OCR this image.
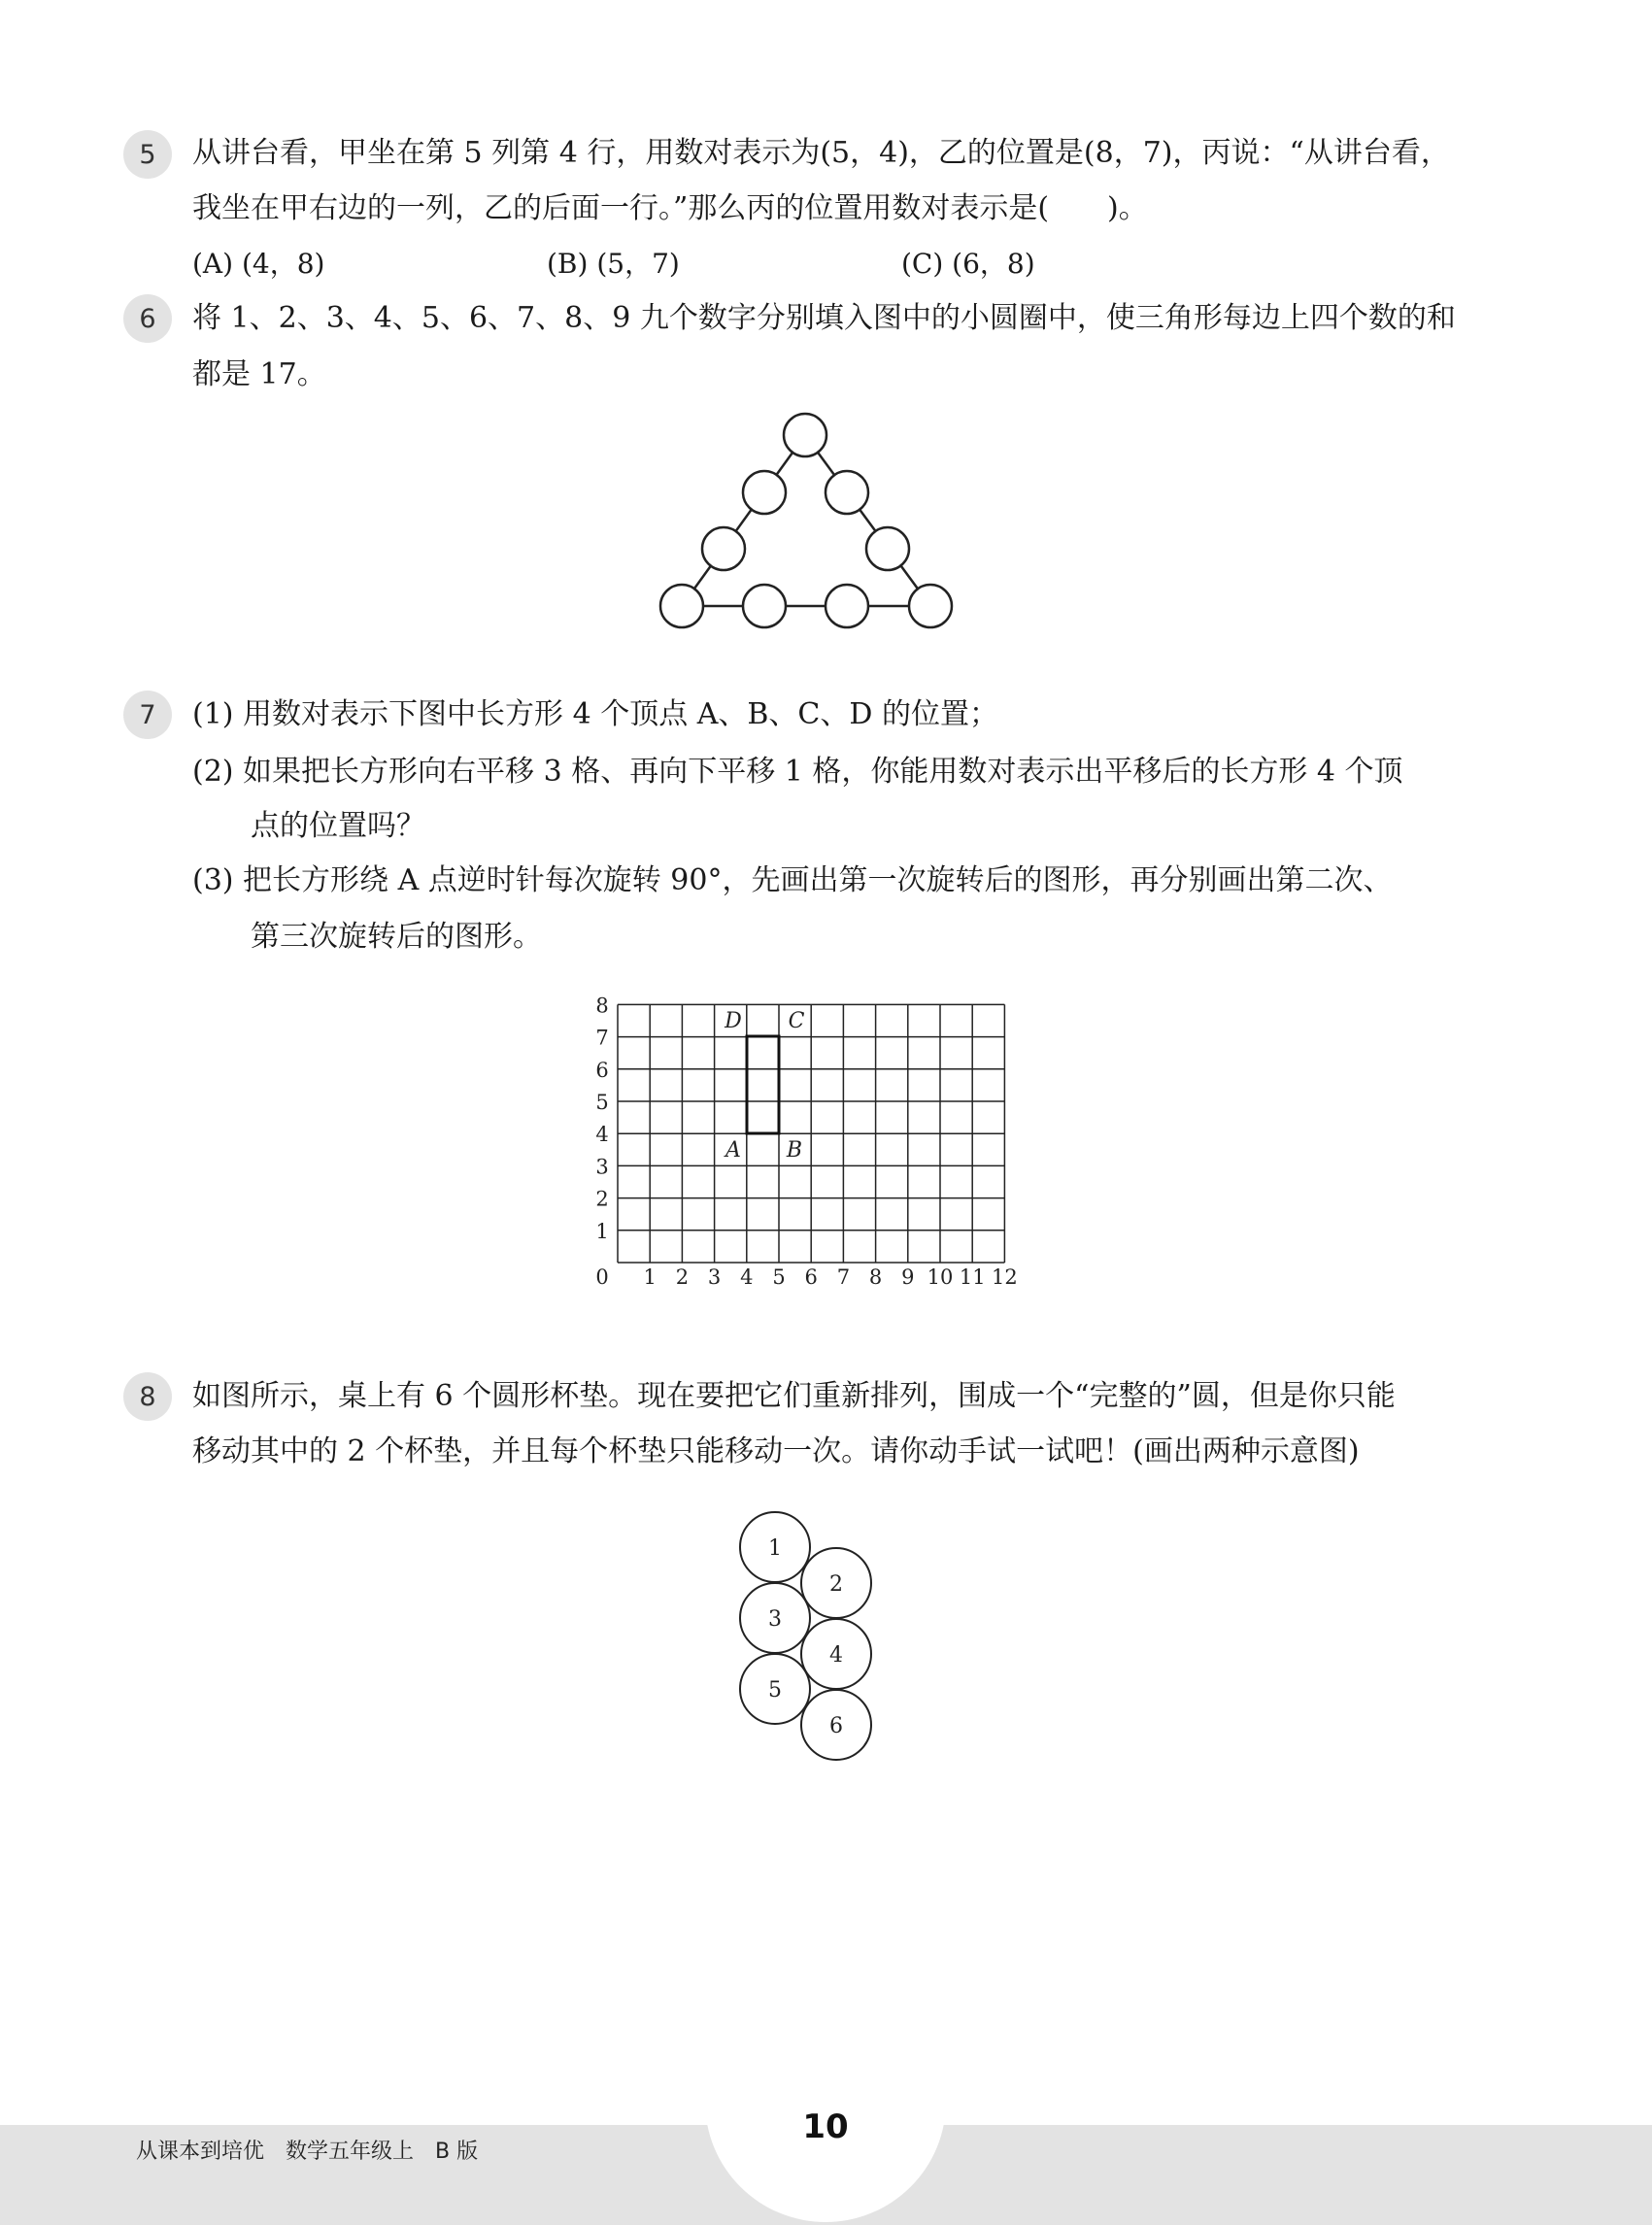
5	从讲台看，甲坐在第 5 列第 4 行，用数对表示为(5，4)，乙的位置是(8，7)，丙说：“从讲台看，
我坐在甲右边的一列，乙的后面一行。”那么丙的位置用数对表示是(　　)。
(A) (4，8)	(B) (5，7)	(C) (6，8)
6	将 1、2、3、4、5、6、7、8、9 九个数字分别填入图中的小圆圈中，使三角形每边上四个数的和
都是 17。
7	(1) 用数对表示下图中长方形 4 个顶点 A、B、C、D 的位置；
(2) 如果把长方形向右平移 3 格、再向下平移 1 格，你能用数对表示出平移后的长方形 4 个顶
点的位置吗？
(3) 把长方形绕 A 点逆时针每次旋转 90°，先画出第一次旋转后的图形，再分别画出第二次、
第三次旋转后的图形。
0 1 2 3 4 5 6 7 8 9 10 11 12
1
2
3
4
5
6
7
8
A B
C
D
8	如图所示，桌上有 6 个圆形杯垫。现在要把它们重新排列，围成一个“完整的”圆，但是你只能
移动其中的 2 个杯垫，并且每个杯垫只能移动一次。请你动手试一试吧！(画出两种示意图)
1
2
3
4
5
6
从课本到培优　数学五年级上　B 版
10
